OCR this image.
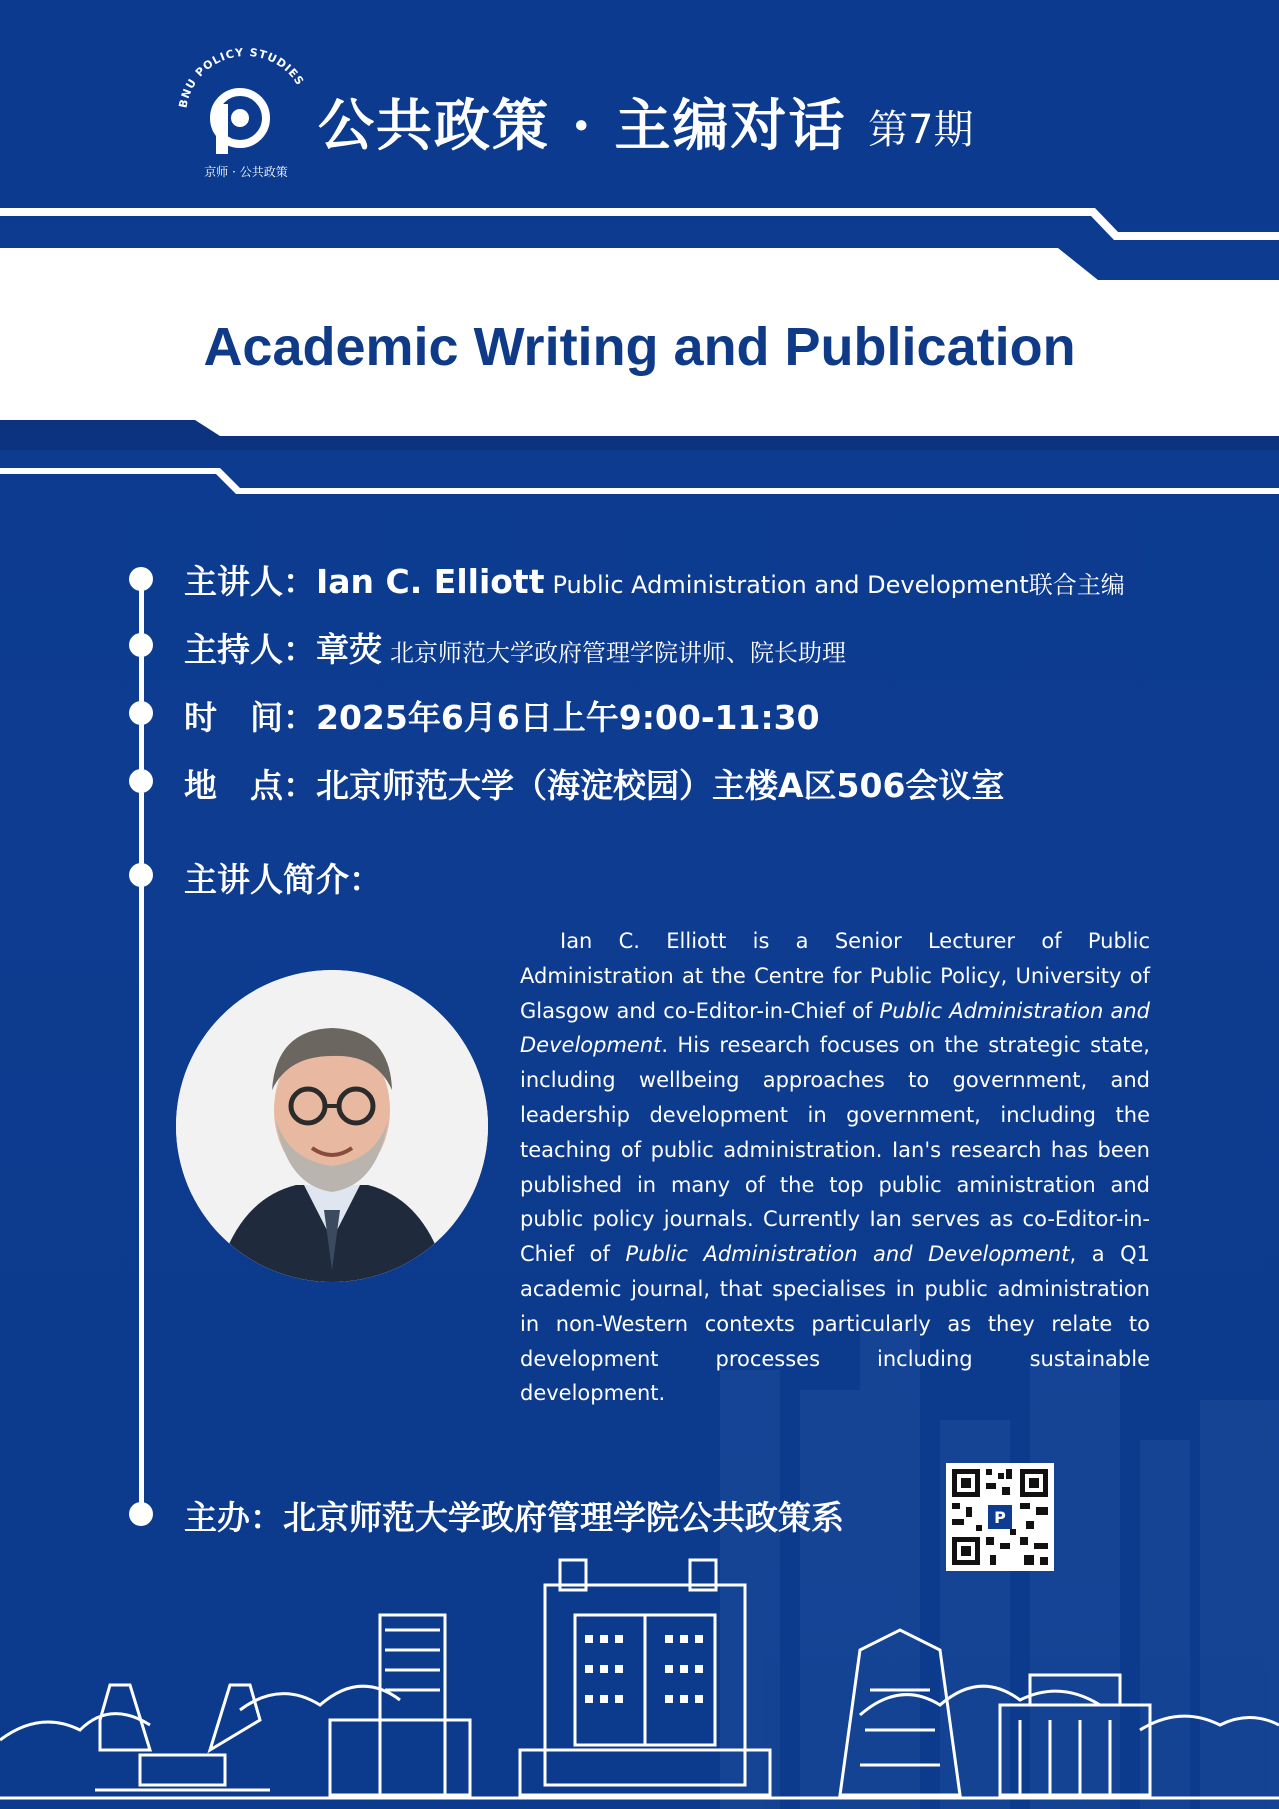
BNU POLICY STUDIES
京师 · 公共政策
公共政策 · 主编对话 第7期
Academic Writing and Publication
主讲人：Ian C. Elliott Public Administration and Development联合主编
主持人：章荧 北京师范大学政府管理学院讲师、院长助理
时　间：2025年6月6日上午9:00-11:30
地　点：北京师范大学（海淀校园）主楼A区506会议室
主讲人简介：

Ian C. Elliott is a Senior Lecturer of Public Administration at the Centre for Public Policy, University of Glasgow and co-Editor-in-Chief of Public Administration and Development. His research focuses on the strategic state, including wellbeing approaches to government, and leadership development in government, including the teaching of public administration. Ian's research has been published in many of the top public aministration and public policy journals. Currently Ian serves as co-Editor-in-Chief of Public Administration and Development, a Q1 academic journal, that specialises in public administration in non-Western contexts particularly as they relate to development processes including sustainable development.

主办：北京师范大学政府管理学院公共政策系	P
